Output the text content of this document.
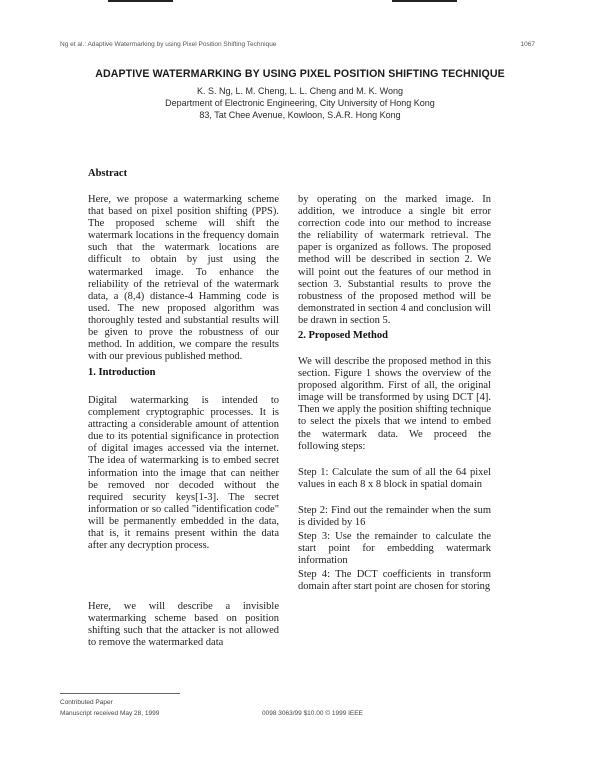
Ng et al.: Adaptive Watermarking by using Pixel Position Shifting Technique	1067
ADAPTIVE WATERMARKING BY USING PIXEL POSITION SHIFTING TECHNIQUE
K. S. Ng, L. M. Cheng, L. L. Cheng and M. K. Wong
Department of Electronic Engineering, City University of Hong Kong
83, Tat Chee Avenue, Kowloon, S.A.R. Hong Kong
Abstract

Here, we propose a watermarking scheme that based on pixel position shifting (PPS). The proposed scheme will shift the watermark locations in the frequency domain such that the watermark locations are difficult to obtain by just using the watermarked image. To enhance the reliability of the retrieval of the watermark data, a (8,4) distance-4 Hamming code is used. The new proposed algorithm was thoroughly tested and substantial results will be given to prove the robustness of our method. In addition, we compare the results with our previous published method.

1. Introduction

Digital watermarking is intended to complement cryptographic processes. It is attracting a considerable amount of attention due to its potential significance in protection of digital images accessed via the internet. The idea of watermarking is to embed secret information into the image that can neither be removed nor decoded without the required security keys[1-3]. The secret information or so called "identification code" will be permanently embedded in the data, that is, it remains present within the data after any decryption process.

Here, we will describe a invisible watermarking scheme based on position shifting such that the attacker is not allowed to remove the watermarked data

by operating on the marked image. In addition, we introduce a single bit error correction code into our method to increase the reliability of watermark retrieval. The paper is organized as follows. The proposed method will be described in section 2. We will point out the features of our method in section 3. Substantial results to prove the robustness of the proposed method will be demonstrated in section 4 and conclusion will be drawn in section 5.

2. Proposed Method

We will describe the proposed method in this section. Figure 1 shows the overview of the proposed algorithm. First of all, the original image will be transformed by using DCT [4]. Then we apply the position shifting technique to select the pixels that we intend to embed the watermark data. We proceed the following steps:

Step 1: Calculate the sum of all the 64 pixel values in each 8 x 8 block in spatial domain

Step 2: Find out the remainder when the sum is divided by 16

Step 3: Use the remainder to calculate the start point for embedding watermark information

Step 4: The DCT coefficients in transform domain after start point are chosen for storing

Contributed Paper
Manuscript received May 28, 1999	0098 3063/99 $10.00 © 1999 IEEE
